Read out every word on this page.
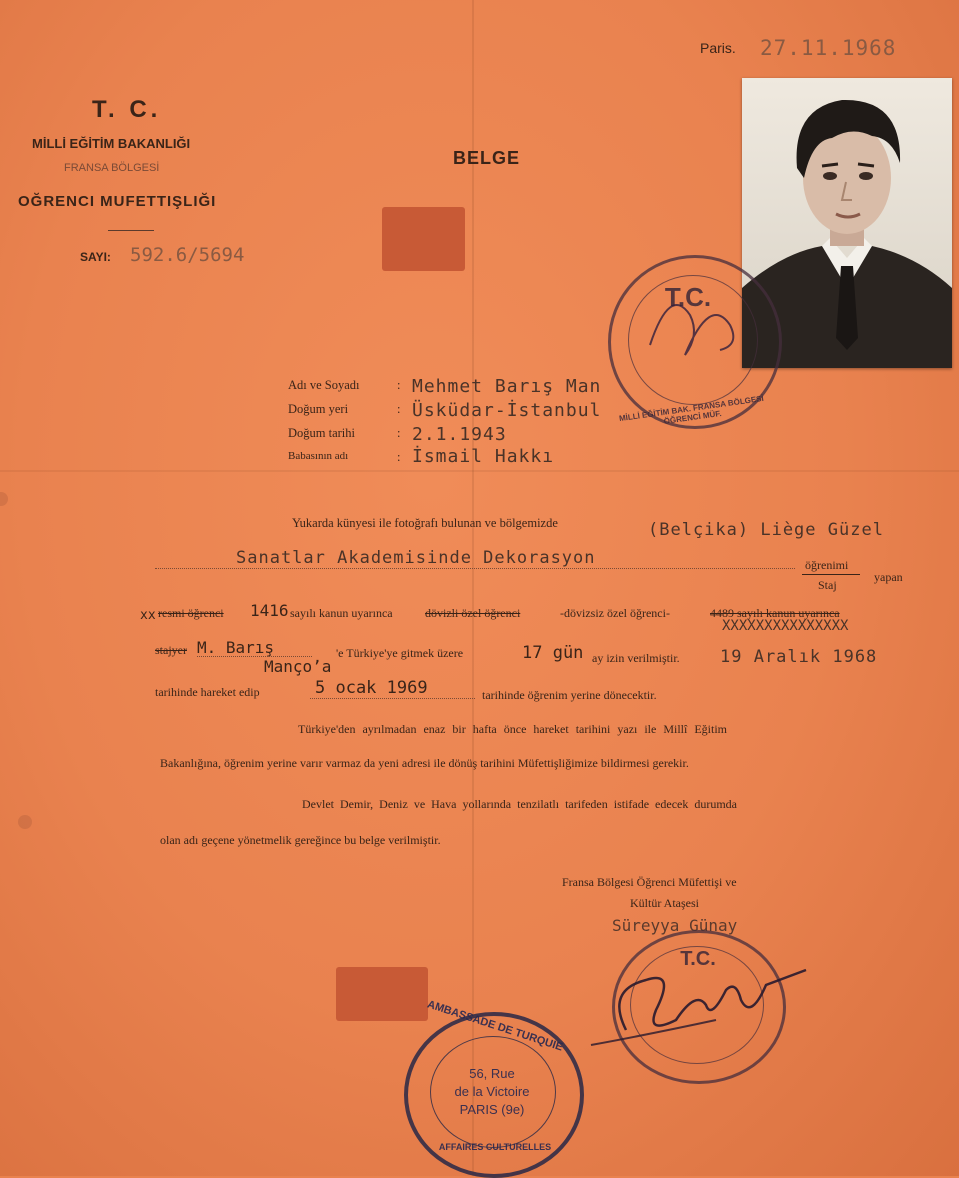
Paris. 27.11.1968
T. C.
MİLLİ EĞİTİM BAKANLIĞI
FRANSA BÖLGESİ
OĞRENCI MUFETTIŞLIĞI
SAYI: 592.6/5694
BELGE
T.C.
MİLLİ EĞİTİM BAK. FRANSA BÖLGESİ ÖĞRENCİ MÜF.
Adı ve Soyadı	: Mehmet Barış Man
Doğum yeri	: Üsküdar-İstanbul
Doğum tarihi	: 2.1.1943
Babasının adı	: İsmail Hakkı
Yukarda künyesi ile fotoğrafı bulunan ve bölgemizde	(Belçika) Liège Güzel
Sanatlar Akademisinde Dekorasyon	öğrenimi
Staj
yapan
xx resmi öğrenci 1416 sayılı kanun uyarınca	dövizli özel öğrenci	-dövizsiz özel öğrenci-	4489 sayılı kanun uyarınca
XXXXXXXXXXXXXXX
stajyer M. Barış
Mançoʼa
'e Türkiye'ye gitmek üzere	17 gün ay izin verilmiştir. 19 Aralık 1968
tarihinde hareket edip	5 ocak 1969	tarihinde öğrenim yerine dönecektir.
Türkiye'den ayrılmadan enaz bir hafta önce hareket tarihini yazı ile Millî Eğitim
Bakanlığına, öğrenim yerine varır varmaz da yeni adresi ile dönüş tarihini Müfettişliğimize bildirmesi gerekir.
Devlet Demir, Deniz ve Hava yollarında tenzilatlı tarifeden istifade edecek durumda
olan adı geçene yönetmelik gereğince bu belge verilmiştir.
Fransa Bölgesi Öğrenci Müfettişi ve
Kültür Ataşesi
Süreyya Günay
T.C.
AMBASSADE DE TURQUIE
AFFAIRES CULTURELLES
56, Rue
de la Victoire
PARIS (9e)
